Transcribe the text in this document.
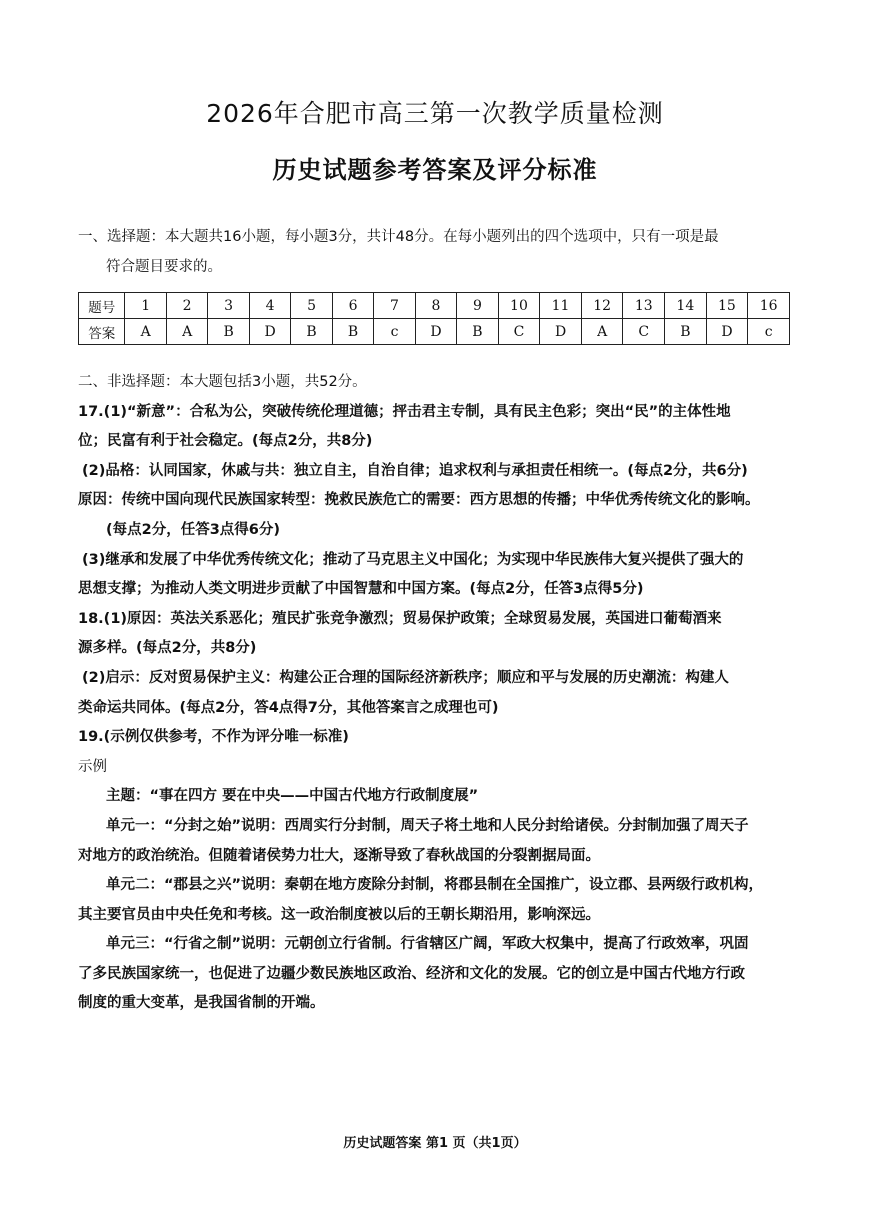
2026年合肥市高三第一次教学质量检测
历史试题参考答案及评分标准
一、选择题：本大题共16小题，每小题3分，共计48分。在每小题列出的四个选项中，只有一项是最
符合题目要求的。
题号	1	2	3	4	5	6	7	8	9	10	11	12	13	14	15	16
答案	A	A	B	D	B	B	c	D	B	C	D	A	C	B	D	c

二、非选择题：本大题包括3小题，共52分。

17.(1)“新意”：合私为公，突破传统伦理道德；抨击君主专制，具有民主色彩；突出“民”的主体性地

位；民富有利于社会稳定。(每点2分，共8分)

(2)品格：认同国家，休戚与共：独立自主，自治自律；追求权利与承担责任相统一。(每点2分，共6分)

原因：传统中国向现代民族国家转型：挽救民族危亡的需要：西方思想的传播；中华优秀传统文化的影响。

(每点2分，任答3点得6分)

(3)继承和发展了中华优秀传统文化；推动了马克思主义中国化；为实现中华民族伟大复兴提供了强大的

思想支撑；为推动人类文明进步贡献了中国智慧和中国方案。(每点2分，任答3点得5分)

18.(1)原因：英法关系恶化；殖民扩张竞争激烈；贸易保护政策；全球贸易发展，英国进口葡萄酒来

源多样。(每点2分，共8分)

(2)启示：反对贸易保护主义：构建公正合理的国际经济新秩序；顺应和平与发展的历史潮流：构建人

类命运共同体。(每点2分，答4点得7分，其他答案言之成理也可)

19.(示例仅供参考，不作为评分唯一标准)

示例

主题：“事在四方 要在中央——中国古代地方行政制度展”

单元一：“分封之始”说明：西周实行分封制，周天子将土地和人民分封给诸侯。分封制加强了周天子

对地方的政治统治。但随着诸侯势力壮大，逐渐导致了春秋战国的分裂割据局面。

单元二：“郡县之兴”说明：秦朝在地方废除分封制，将郡县制在全国推广，设立郡、县两级行政机构，

其主要官员由中央任免和考核。这一政治制度被以后的王朝长期沿用，影响深远。

单元三：“行省之制”说明：元朝创立行省制。行省辖区广阔，军政大权集中，提高了行政效率，巩固

了多民族国家统一，也促进了边疆少数民族地区政治、经济和文化的发展。它的创立是中国古代地方行政

制度的重大变革，是我国省制的开端。

历史试题答案 第1 页（共1页）
